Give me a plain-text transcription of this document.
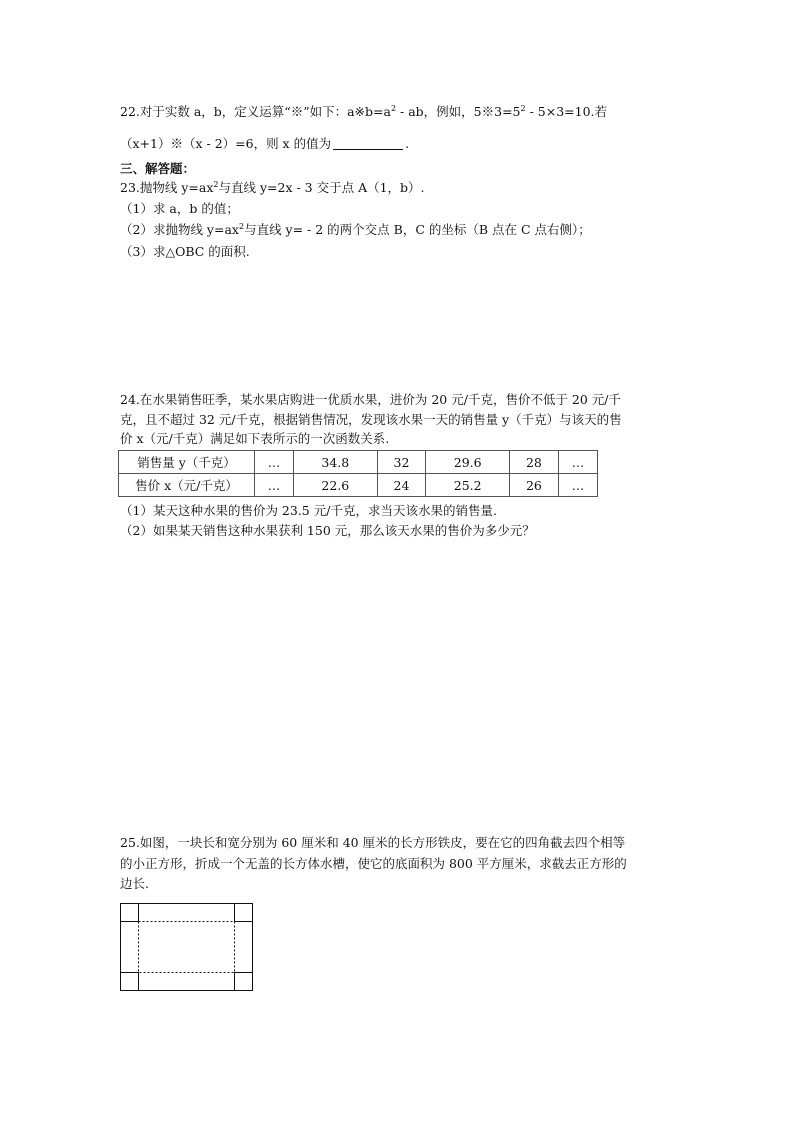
22.对于实数 a，b，定义运算“※”如下：$a※b=a^2$ - ab，例如，$5※3=5^2 - 5\times 3=10$.若
（x+1）※（x - 2）=6，则 x 的值为	.
三、解答题：
23.抛物线 $y=ax^2$与直线 y=2x - 3 交于点 A（1，b）.
（1）求 a，b 的值；
（2）求抛物线 $y=ax^2$与直线 y= - 2 的两个交点 B，C 的坐标（B 点在 C 点右侧）；
（3）求△OBC 的面积.
24.在水果销售旺季，某水果店购进一优质水果，进价为 20 元/千克，售价不低于 20 元/千
克，且不超过 32 元/千克，根据销售情况，发现该水果一天的销售量 y（千克）与该天的售
价 x（元/千克）满足如下表所示的一次函数关系.
销售量 y（千克）	…	34.8	32	29.6	28	…
售价 x（元/千克）	…	22.6	24	25.2	26	…
（1）某天这种水果的售价为 23.5 元/千克，求当天该水果的销售量.
（2）如果某天销售这种水果获利 150 元，那么该天水果的售价为多少元？
25.如图，一块长和宽分别为 60 厘米和 40 厘米的长方形铁皮，要在它的四角截去四个相等
的小正方形，折成一个无盖的长方体水槽，使它的底面积为 800 平方厘米，求截去正方形的
边长.
